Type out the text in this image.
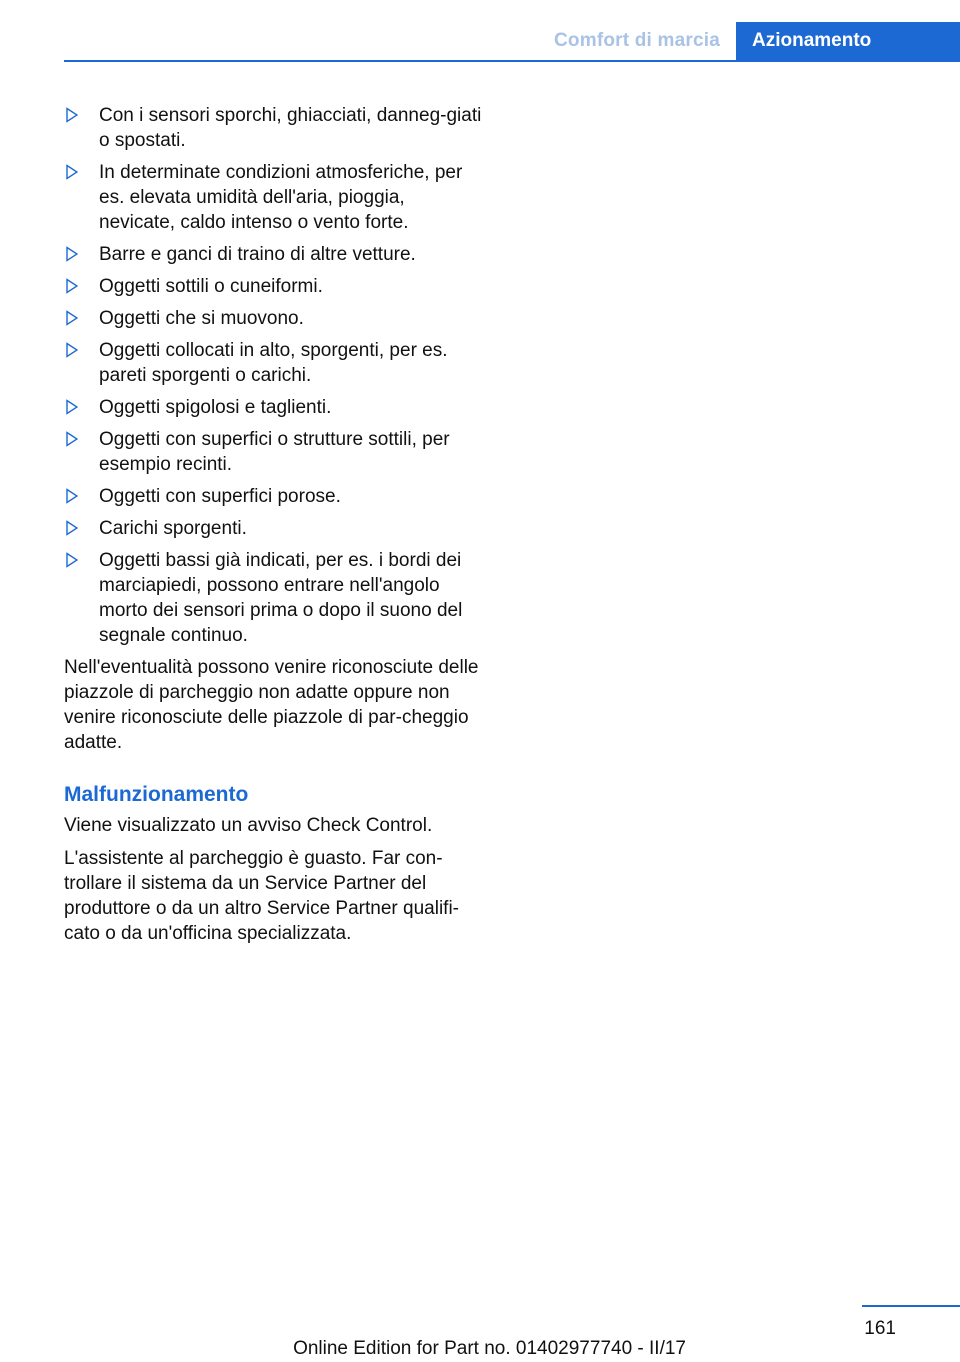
Comfort di marcia	Azionamento
Con i sensori sporchi, ghiacciati, danneg-giati o spostati.
In determinate condizioni atmosferiche, per es. elevata umidità dell'aria, pioggia, nevicate, caldo intenso o vento forte.
Barre e ganci di traino di altre vetture.
Oggetti sottili o cuneiformi.
Oggetti che si muovono.
Oggetti collocati in alto, sporgenti, per es. pareti sporgenti o carichi.
Oggetti spigolosi e taglienti.
Oggetti con superfici o strutture sottili, per esempio recinti.
Oggetti con superfici porose.
Carichi sporgenti.
Oggetti bassi già indicati, per es. i bordi dei marciapiedi, possono entrare nell'angolo morto dei sensori prima o dopo il suono del segnale continuo.

Nell'eventualità possono venire riconosciute delle piazzole di parcheggio non adatte oppure non venire riconosciute delle piazzole di par-cheggio adatte.

Malfunzionamento

Viene visualizzato un avviso Check Control.

L'assistente al parcheggio è guasto. Far con-trollare il sistema da un Service Partner del produttore o da un altro Service Partner qualifi-cato o da un'officina specializzata.

161
Online Edition for Part no. 01402977740 - II/17
